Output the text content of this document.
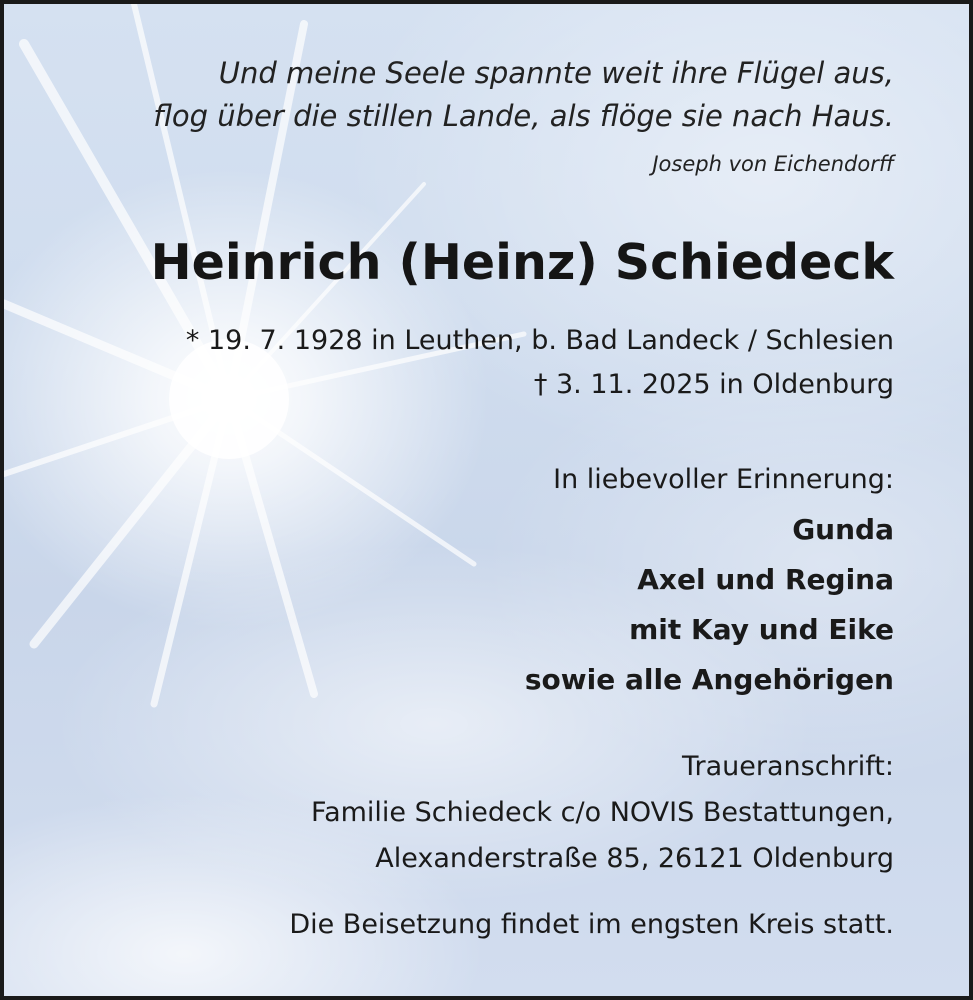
Und meine Seele spannte weit ihre Flügel aus,
flog über die stillen Lande, als flöge sie nach Haus.
Joseph von Eichendorff
Heinrich (Heinz) Schiedeck
* 19. 7. 1928 in Leuthen, b. Bad Landeck / Schlesien
† 3. 11. 2025 in Oldenburg
In liebevoller Erinnerung:
Gunda
Axel und Regina
mit Kay und Eike
sowie alle Angehörigen
Traueranschrift:
Familie Schiedeck c/o NOVIS Bestattungen,
Alexanderstraße 85, 26121 Oldenburg
Die Beisetzung findet im engsten Kreis statt.
